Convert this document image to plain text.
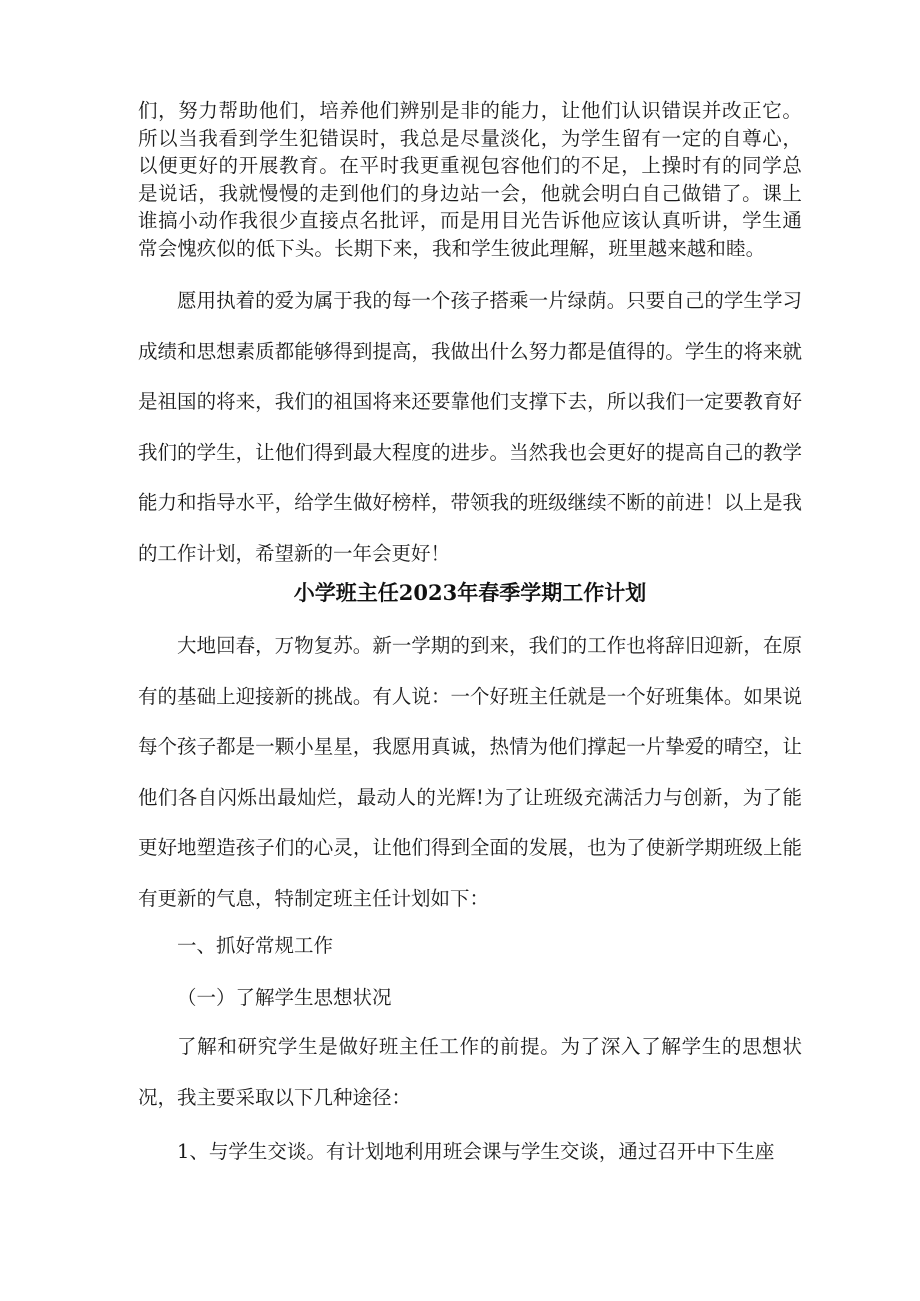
们，努力帮助他们，培养他们辨别是非的能力，让他们认识错误并改正它。所以当我看到学生犯错误时，我总是尽量淡化，为学生留有一定的自尊心，以便更好的开展教育。在平时我更重视包容他们的不足，上操时有的同学总是说话，我就慢慢的走到他们的身边站一会，他就会明白自己做错了。课上谁搞小动作我很少直接点名批评，而是用目光告诉他应该认真听讲，学生通常会愧疚似的低下头。长期下来，我和学生彼此理解，班里越来越和睦。

愿用执着的爱为属于我的每一个孩子搭乘一片绿荫。只要自己的学生学习成绩和思想素质都能够得到提高，我做出什么努力都是值得的。学生的将来就是祖国的将来，我们的祖国将来还要靠他们支撑下去，所以我们一定要教育好我们的学生，让他们得到最大程度的进步。当然我也会更好的提高自己的教学能力和指导水平，给学生做好榜样，带领我的班级继续不断的前进！以上是我的工作计划，希望新的一年会更好！

小学班主任2023年春季学期工作计划

大地回春，万物复苏。新一学期的到来，我们的工作也将辞旧迎新，在原有的基础上迎接新的挑战。有人说：一个好班主任就是一个好班集体。如果说每个孩子都是一颗小星星，我愿用真诚，热情为他们撑起一片挚爱的晴空，让他们各自闪烁出最灿烂，最动人的光辉!为了让班级充满活力与创新，为了能更好地塑造孩子们的心灵，让他们得到全面的发展，也为了使新学期班级上能有更新的气息，特制定班主任计划如下：

一、抓好常规工作

（一）了解学生思想状况

了解和研究学生是做好班主任工作的前提。为了深入了解学生的思想状况，我主要采取以下几种途径：

1、与学生交谈。有计划地利用班会课与学生交谈，通过召开中下生座
